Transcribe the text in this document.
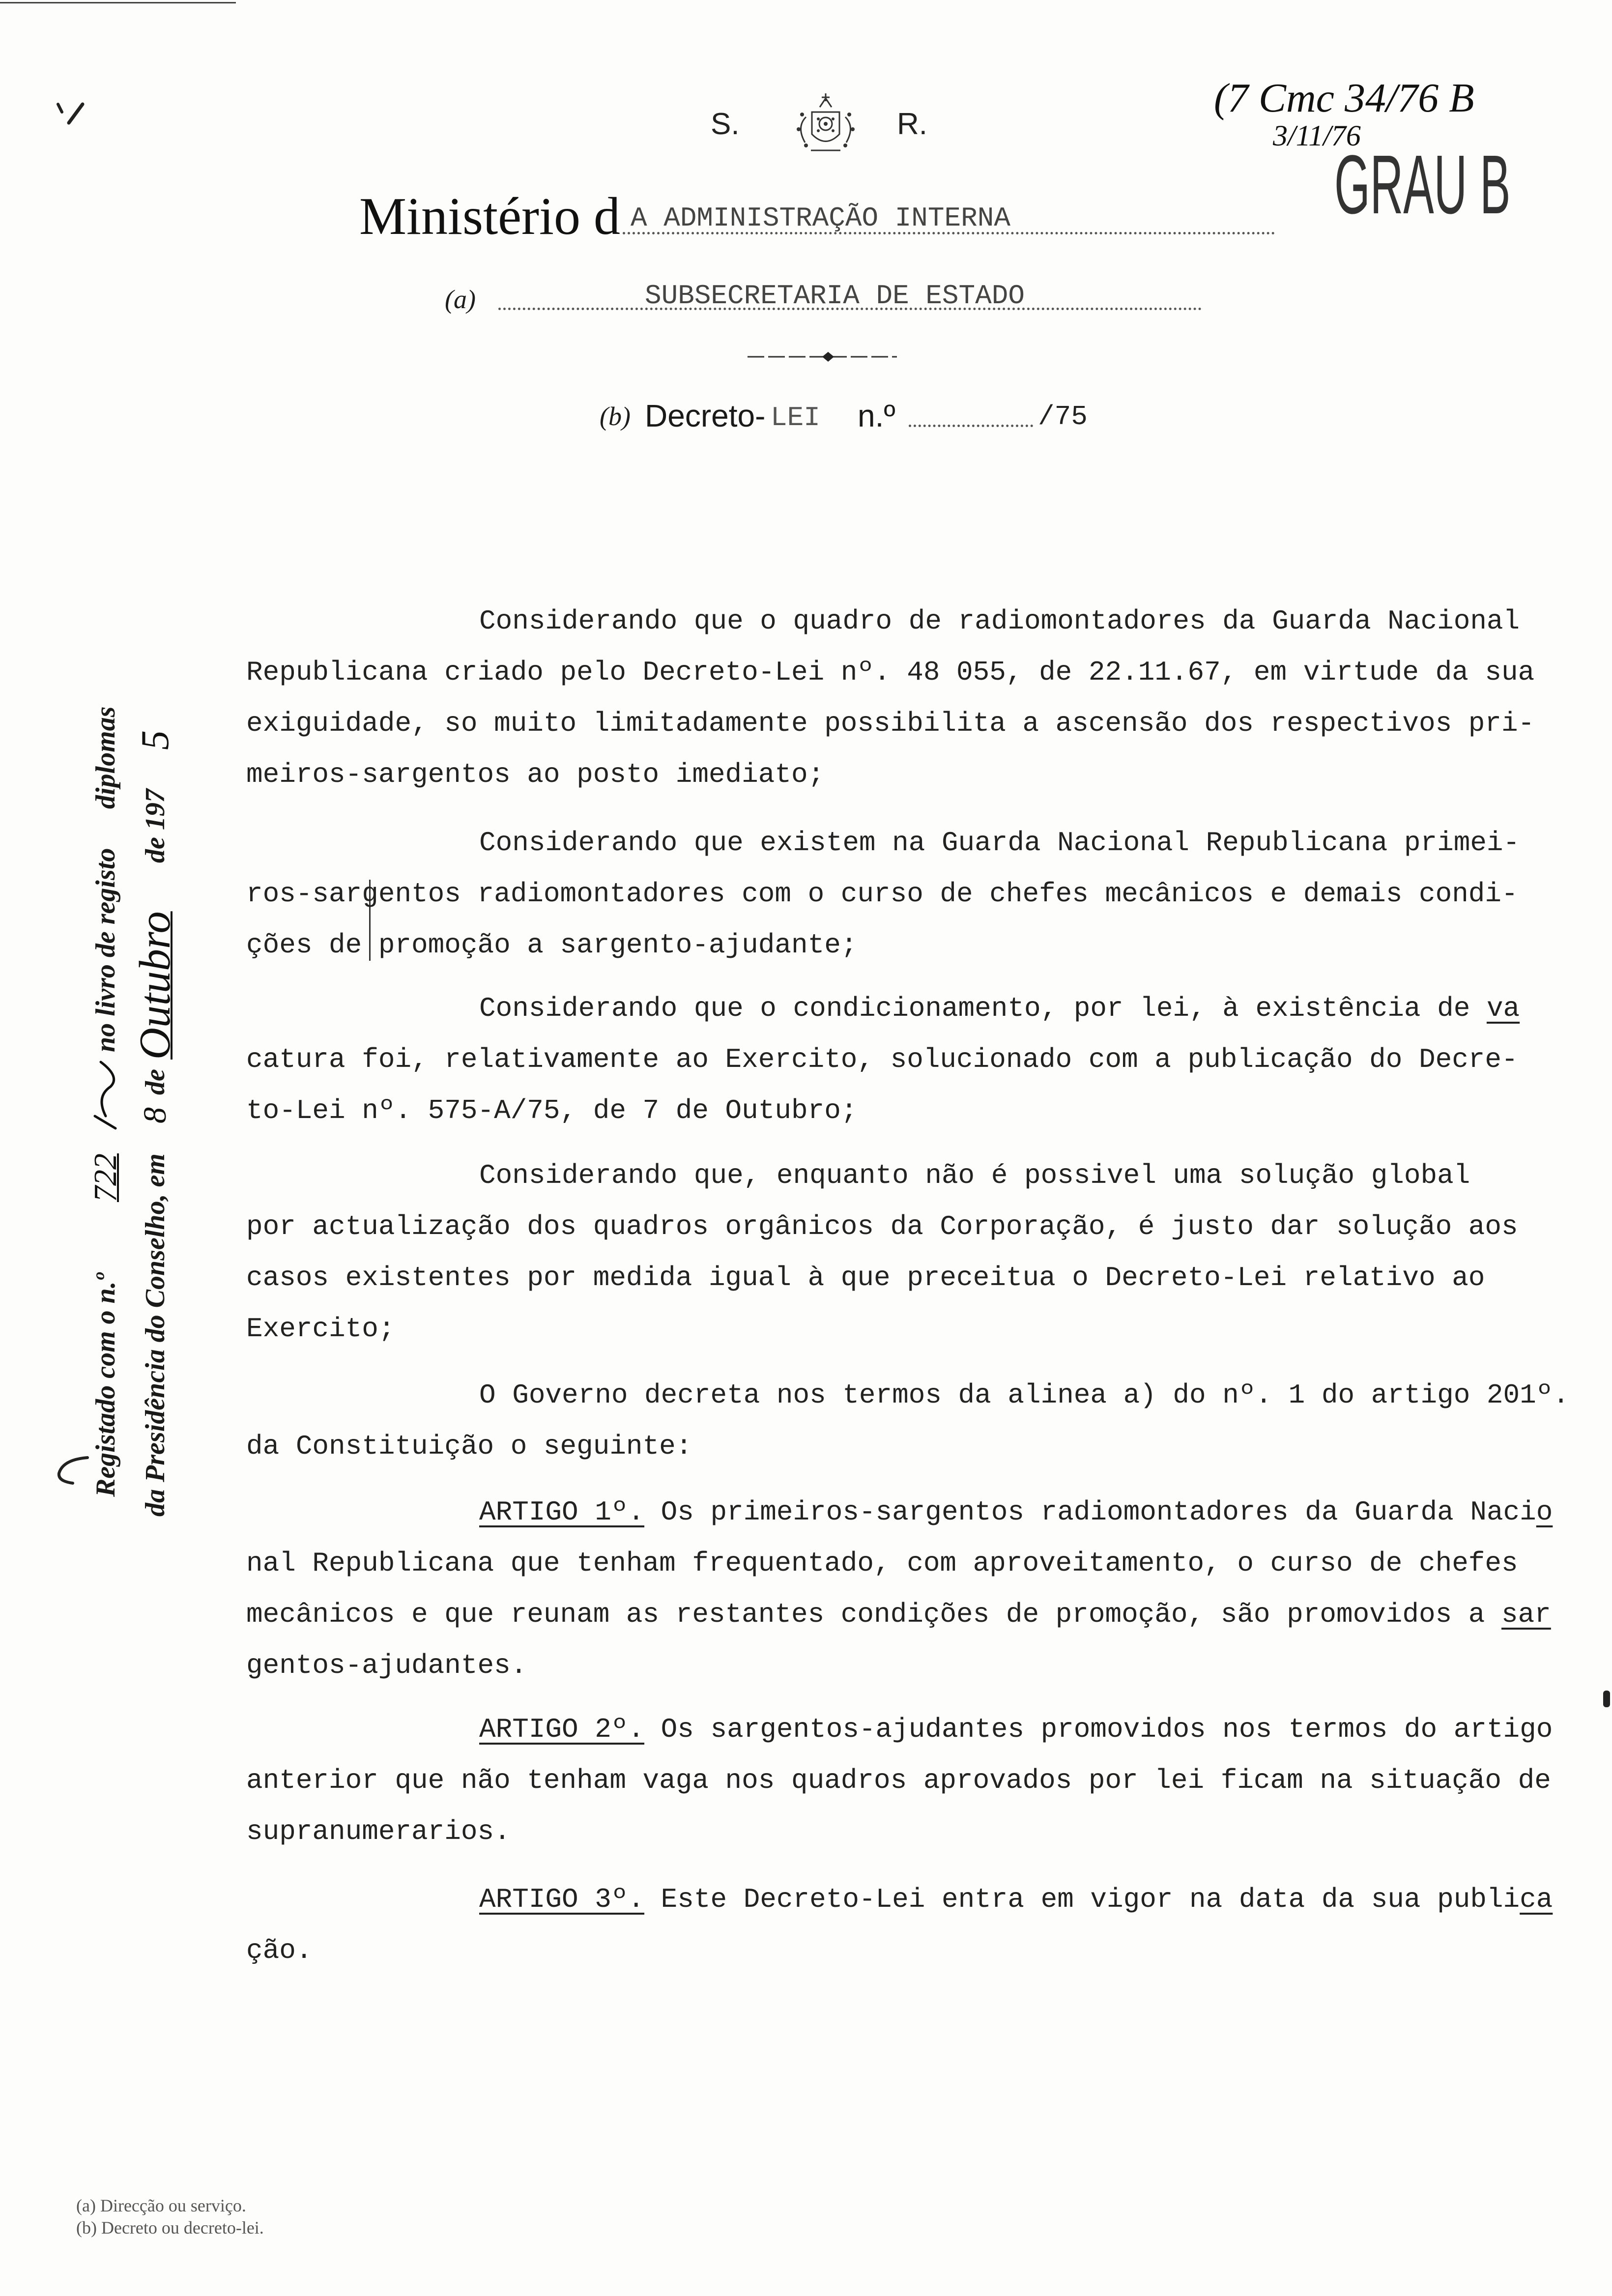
S.	R.
(7 Cmc 34/76 B
3/11/76
GRAU B
Ministério d A ADMINISTRAÇÃO INTERNA
(a)	SUBSECRETARIA DE ESTADO
(b) Decreto- LEI n.º	/75
Registado com o n.º
722
no livro de registo
diplomas
da Presidência do Conselho, em
8
de
Outubro
de 197
5
Considerando que o quadro de radiomontadores da Guarda Nacional
Republicana criado pelo Decreto-Lei nº. 48 055, de 22.11.67, em virtude da sua
exiguidade, so muito limitadamente possibilita a ascensão dos respectivos pri-
meiros-sargentos ao posto imediato;
Considerando que existem na Guarda Nacional Republicana primei-
ros-sargentos radiomontadores com o curso de chefes mecânicos e demais condi-
ções de promoção a sargento-ajudante;
Considerando que o condicionamento, por lei, à existência de va
catura foi, relativamente ao Exercito, solucionado com a publicação do Decre-
to-Lei nº. 575-A/75, de 7 de Outubro;
Considerando que, enquanto não é possivel uma solução global
por actualização dos quadros orgânicos da Corporação, é justo dar solução aos
casos existentes por medida igual à que preceitua o Decreto-Lei relativo ao
Exercito;
O Governo decreta nos termos da alinea a) do nº. 1 do artigo 201º.
da Constituição o seguinte:
ARTIGO 1º. Os primeiros-sargentos radiomontadores da Guarda Nacio
nal Republicana que tenham frequentado, com aproveitamento, o curso de chefes
mecânicos e que reunam as restantes condições de promoção, são promovidos a sar
gentos-ajudantes.
ARTIGO 2º. Os sargentos-ajudantes promovidos nos termos do artigo
anterior que não tenham vaga nos quadros aprovados por lei ficam na situação de
supranumerarios.
ARTIGO 3º. Este Decreto-Lei entra em vigor na data da sua publica
ção.
(a) Direcção ou serviço.
(b) Decreto ou decreto-lei.
